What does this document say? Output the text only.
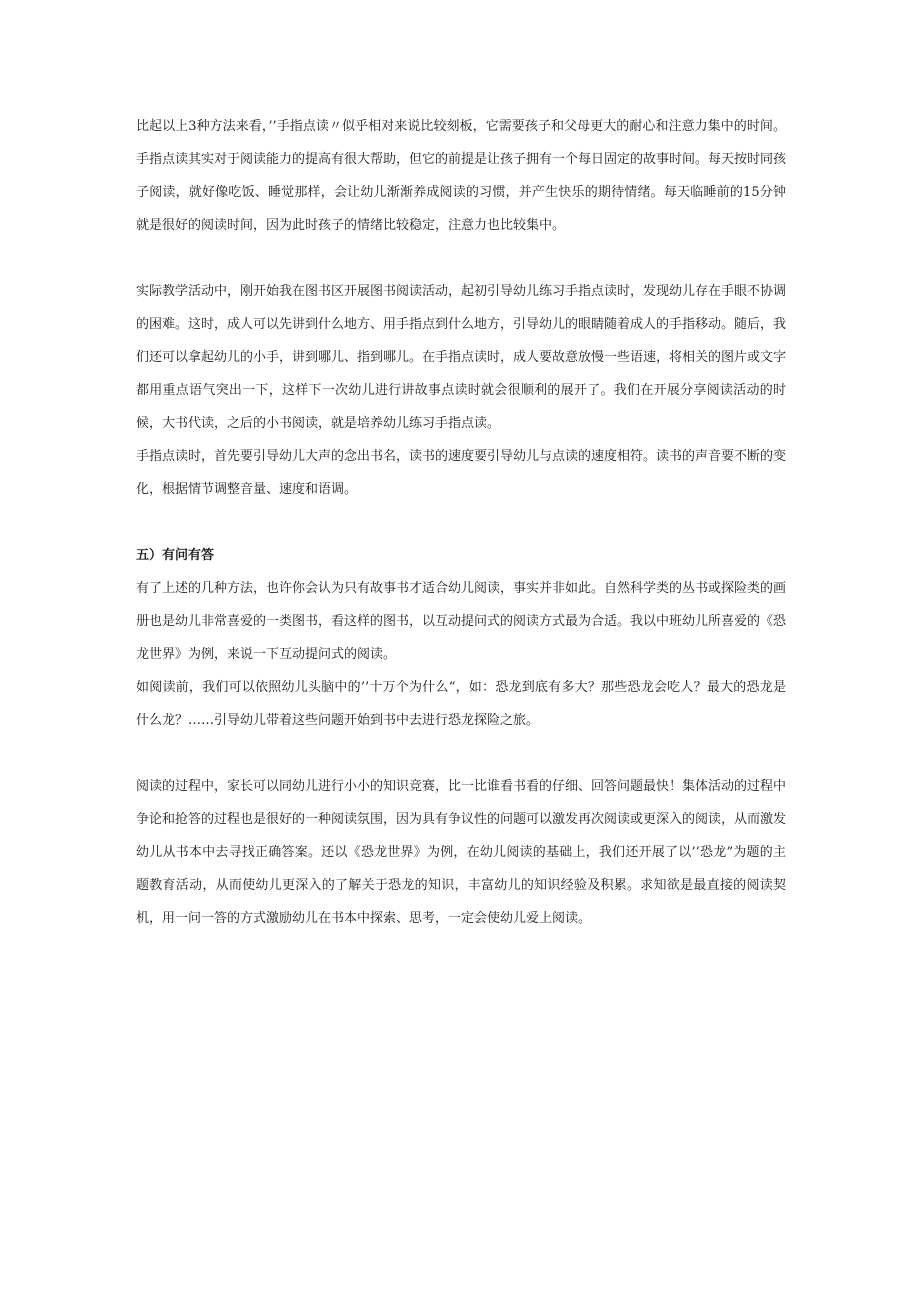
比起以上3种方法来看，’’手指点读〃似乎相对来说比较刻板，它需要孩子和父母更大的耐心和注意力集中的时间。手指点读其实对于阅读能力的提高有很大帮助，但它的前提是让孩子拥有一个每日固定的故事时间。每天按时同孩子阅读，就好像吃饭、睡觉那样，会让幼儿渐渐养成阅读的习惯，并产生快乐的期待情绪。每天临睡前的15分钟就是很好的阅读时间，因为此时孩子的情绪比较稳定，注意力也比较集中。

实际教学活动中，刚开始我在图书区开展图书阅读活动，起初引导幼儿练习手指点读时，发现幼儿存在手眼不协调的困难。这时，成人可以先讲到什么地方、用手指点到什么地方，引导幼儿的眼睛随着成人的手指移动。随后，我们还可以拿起幼儿的小手，讲到哪儿、指到哪儿。在手指点读时，成人要故意放慢一些语速，将相关的图片或文字都用重点语气突出一下，这样下一次幼儿进行讲故事点读时就会很顺利的展开了。我们在开展分享阅读活动的时候，大书代读，之后的小书阅读，就是培养幼儿练习手指点读。

手指点读时，首先要引导幼儿大声的念出书名，读书的速度要引导幼儿与点读的速度相符。读书的声音要不断的变化，根据情节调整音量、速度和语调。

五）有问有答

有了上述的几种方法，也许你会认为只有故事书才适合幼儿阅读，事实并非如此。自然科学类的丛书或探险类的画册也是幼儿非常喜爱的一类图书，看这样的图书，以互动提问式的阅读方式最为合适。我以中班幼儿所喜爱的《恐龙世界》为例，来说一下互动提问式的阅读。

如阅读前，我们可以依照幼儿头脑中的’’十万个为什么“，如：恐龙到底有多大？那些恐龙会吃人？最大的恐龙是什么龙？……引导幼儿带着这些问题开始到书中去进行恐龙探险之旅。

阅读的过程中，家长可以同幼儿进行小小的知识竞赛，比一比谁看书看的仔细、回答问题最快！集体活动的过程中争论和抢答的过程也是很好的一种阅读氛围，因为具有争议性的问题可以激发再次阅读或更深入的阅读，从而激发幼儿从书本中去寻找正确答案。还以《恐龙世界》为例，在幼儿阅读的基础上，我们还开展了以’’恐龙”为题的主题教育活动，从而使幼儿更深入的了解关于恐龙的知识，丰富幼儿的知识经验及积累。求知欲是最直接的阅读契机，用一问一答的方式激励幼儿在书本中探索、思考，一定会使幼儿爱上阅读。
